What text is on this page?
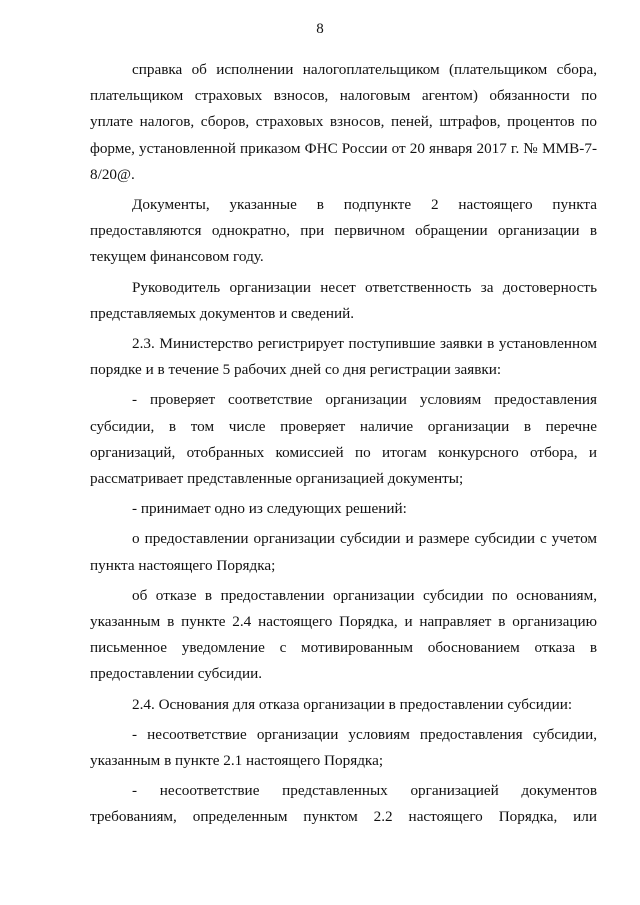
8

справка об исполнении налогоплательщиком (плательщиком сбора, плательщиком страховых взносов, налоговым агентом) обязанности по уплате налогов, сборов, страховых взносов, пеней, штрафов, процентов по форме, установленной приказом ФНС России от 20 января 2017 г. № ММВ-7-8/20@.

Документы, указанные в подпункте 2 настоящего пункта предоставляются однократно, при первичном обращении организации в текущем финансовом году.

Руководитель организации несет ответственность за достоверность представляемых документов и сведений.

2.3. Министерство регистрирует поступившие заявки в установленном порядке и в течение 5 рабочих дней со дня регистрации заявки:

- проверяет соответствие организации условиям предоставления субсидии, в том числе проверяет наличие организации в перечне организаций, отобранных комиссией по итогам конкурсного отбора, и рассматривает представленные организацией документы;

- принимает одно из следующих решений:

о предоставлении организации субсидии и размере субсидии с учетом пункта настоящего Порядка;

об отказе в предоставлении организации субсидии по основаниям, указанным в пункте 2.4 настоящего Порядка, и направляет в организацию письменное уведомление с мотивированным обоснованием отказа в предоставлении субсидии.

2.4. Основания для отказа организации в предоставлении субсидии:

- несоответствие организации условиям предоставления субсидии, указанным в пункте 2.1 настоящего Порядка;

- несоответствие представленных организацией документов требованиям, определенным пунктом 2.2 настоящего Порядка, или
